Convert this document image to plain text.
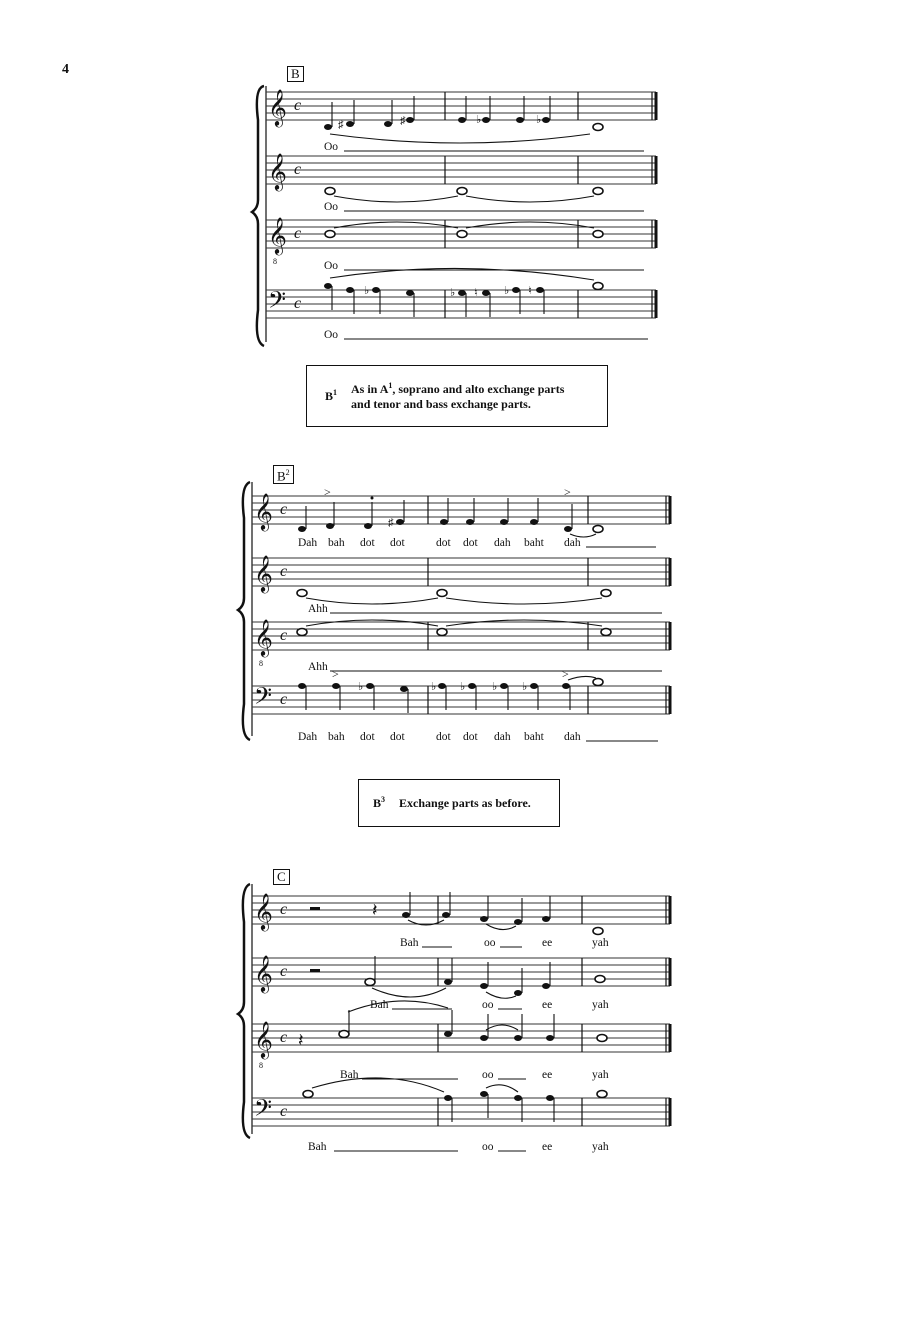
4	B
$B^2$
C
𝄞 c
♯	♯	♭	♭
Oo
𝄞 c
Oo
𝄞
8
c
Oo
𝄢 c
♭	♭ ♮ ♭ ♮
Oo
$B^1$ As in $A^1$, soprano and alto exchange parts
and tenor and bass exchange parts.
𝄞 c
>
♯
>
Dah bah dot dot	dot dot dah baht dah
𝄞 c
Ahh
𝄞
8
c
Ahh
𝄢 c
>
♭	♭ ♭ ♭ ♭
>
Dah bah dot dot	dot dot dah baht dah
$B^3$ Exchange parts as before.
𝄞 c	𝄽
Bah	oo	ee	yah
𝄞 c
Bah	oo	ee	yah
𝄞
8
c 𝄽
Bah	oo	ee	yah
𝄢 c
Bah	oo	ee	yah
